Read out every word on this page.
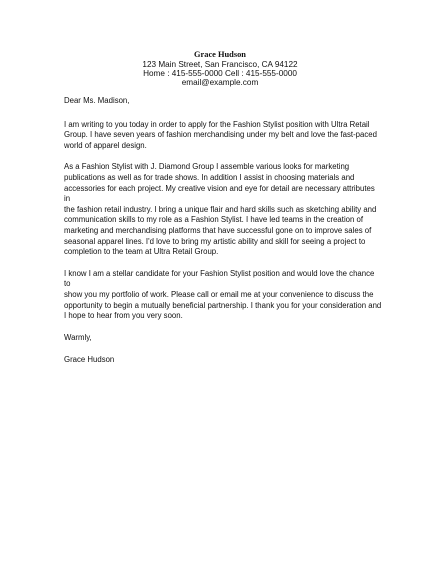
Grace Hudson
123 Main Street, San Francisco, CA 94122
Home : 415-555-0000 Cell : 415-555-0000
email@example.com

Dear Ms. Madison,

I am writing to you today in order to apply for the Fashion Stylist position with Ultra Retail
Group. I have seven years of fashion merchandising under my belt and love the fast-paced
world of apparel design.

As a Fashion Stylist with J. Diamond Group I assemble various looks for marketing
publications as well as for trade shows. In addition I assist in choosing materials and
accessories for each project. My creative vision and eye for detail are necessary attributes in
the fashion retail industry. I bring a unique flair and hard skills such as sketching ability and
communication skills to my role as a Fashion Stylist. I have led teams in the creation of
marketing and merchandising platforms that have successful gone on to improve sales of
seasonal apparel lines. I'd love to bring my artistic ability and skill for seeing a project to
completion to the team at Ultra Retail Group.

I know I am a stellar candidate for your Fashion Stylist position and would love the chance to
show you my portfolio of work. Please call or email me at your convenience to discuss the
opportunity to begin a mutually beneficial partnership. I thank you for your consideration and
I hope to hear from you very soon.

Warmly,

Grace Hudson
